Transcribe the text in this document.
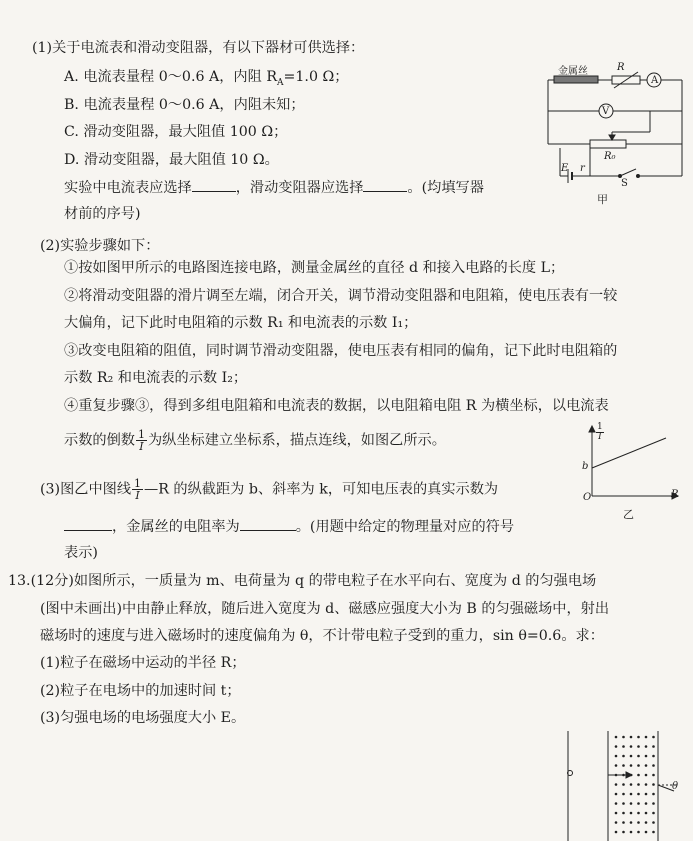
(1)关于电流表和滑动变阻器，有以下器材可供选择：
A. 电流表量程 0～0.6 A，内阻 $R_A=1.0$ Ω；
B. 电流表量程 0～0.6 A，内阻未知；
C. 滑动变阻器，最大阻值 100 Ω；
D. 滑动变阻器，最大阻值 10 Ω。
实验中电流表应选择	，滑动变阻器应选择	。(均填写器
材前的序号)
金属丝	R
A
V
R₀
E r
S
甲
(2)实验步骤如下：
①按如图甲所示的电路图连接电路，测量金属丝的直径 d 和接入电路的长度 L；
②将滑动变阻器的滑片调至左端，闭合开关，调节滑动变阻器和电阻箱，使电压表有一较
大偏角，记下此时电阻箱的示数 R₁ 和电流表的示数 I₁；
③改变电阻箱的阻值，同时调节滑动变阻器，使电压表有相同的偏角，记下此时电阻箱的
示数 R₂ 和电流表的示数 I₂；
④重复步骤③，得到多组电阻箱和电流表的数据，以电阻箱电阻 R 为横坐标，以电流表
示数的倒数 $\frac{1}{I}$ 为纵坐标建立坐标系，描点连线，如图乙所示。
1
I
b
O	R
乙
(3)图乙中图线 $\frac{1}{I}$ —R 的纵截距为 b、斜率为 k，可知电压表的真实示数为
，金属丝的电阻率为	。(用题中给定的物理量对应的符号
表示)
13.(12分)如图所示，一质量为 m、电荷量为 q 的带电粒子在水平向右、宽度为 d 的匀强电场
(图中未画出)中由静止释放，随后进入宽度为 d、磁感应强度大小为 B 的匀强磁场中，射出
磁场时的速度与进入磁场时的速度偏角为 θ，不计带电粒子受到的重力，sin θ=0.6。求：
(1)粒子在磁场中运动的半径 R；
(2)粒子在电场中的加速时间 t；
(3)匀强电场的电场强度大小 E。
θ
